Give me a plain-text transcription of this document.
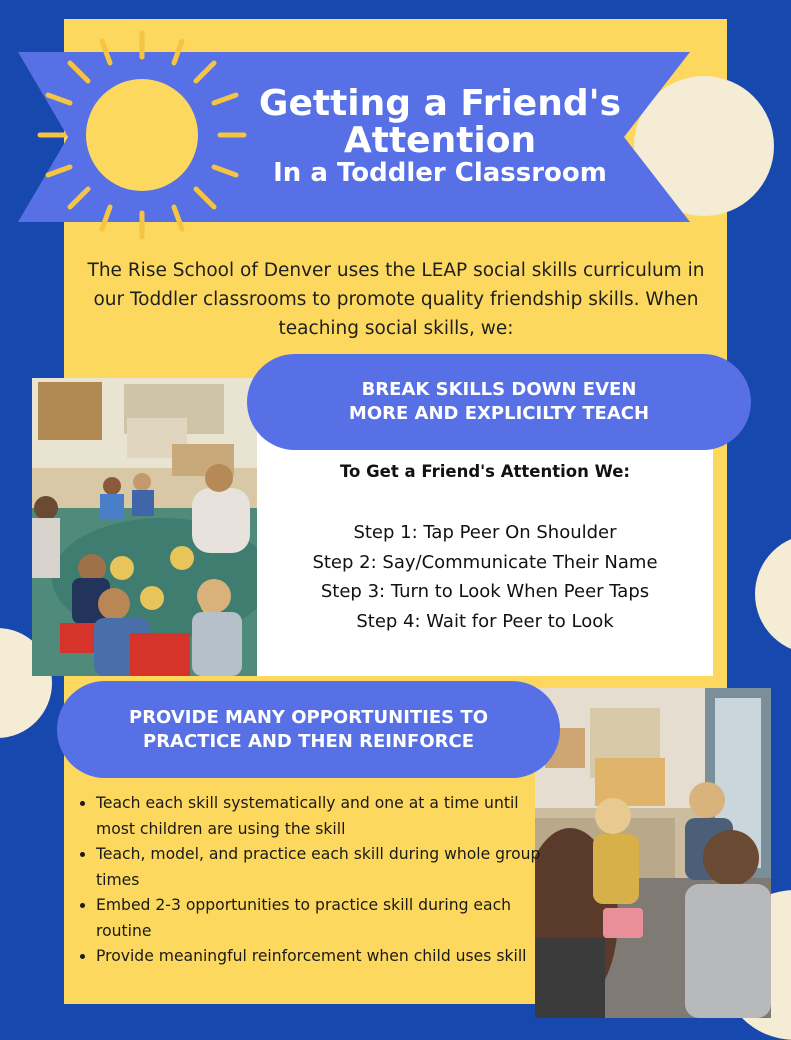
Getting a Friend's
Attention
In a Toddler Classroom

The Rise School of Denver uses the LEAP social skills curriculum in our Toddler classrooms to promote quality friendship skills. When teaching social skills, we:

BREAK SKILLS DOWN EVEN
MORE AND EXPLICILTY TEACH

To Get a Friend's Attention We:

Step 1: Tap Peer On Shoulder
Step 2: Say/Communicate Their Name
Step 3: Turn to Look When Peer Taps
Step 4: Wait for Peer to Look
PROVIDE MANY OPPORTUNITIES TO
PRACTICE AND THEN REINFORCE
• Teach each skill systematically and one at a time until most children are using the skill
• Teach, model, and practice each skill during whole group times
• Embed 2-3 opportunities to practice skill during each routine
• Provide meaningful reinforcement when child uses skill
